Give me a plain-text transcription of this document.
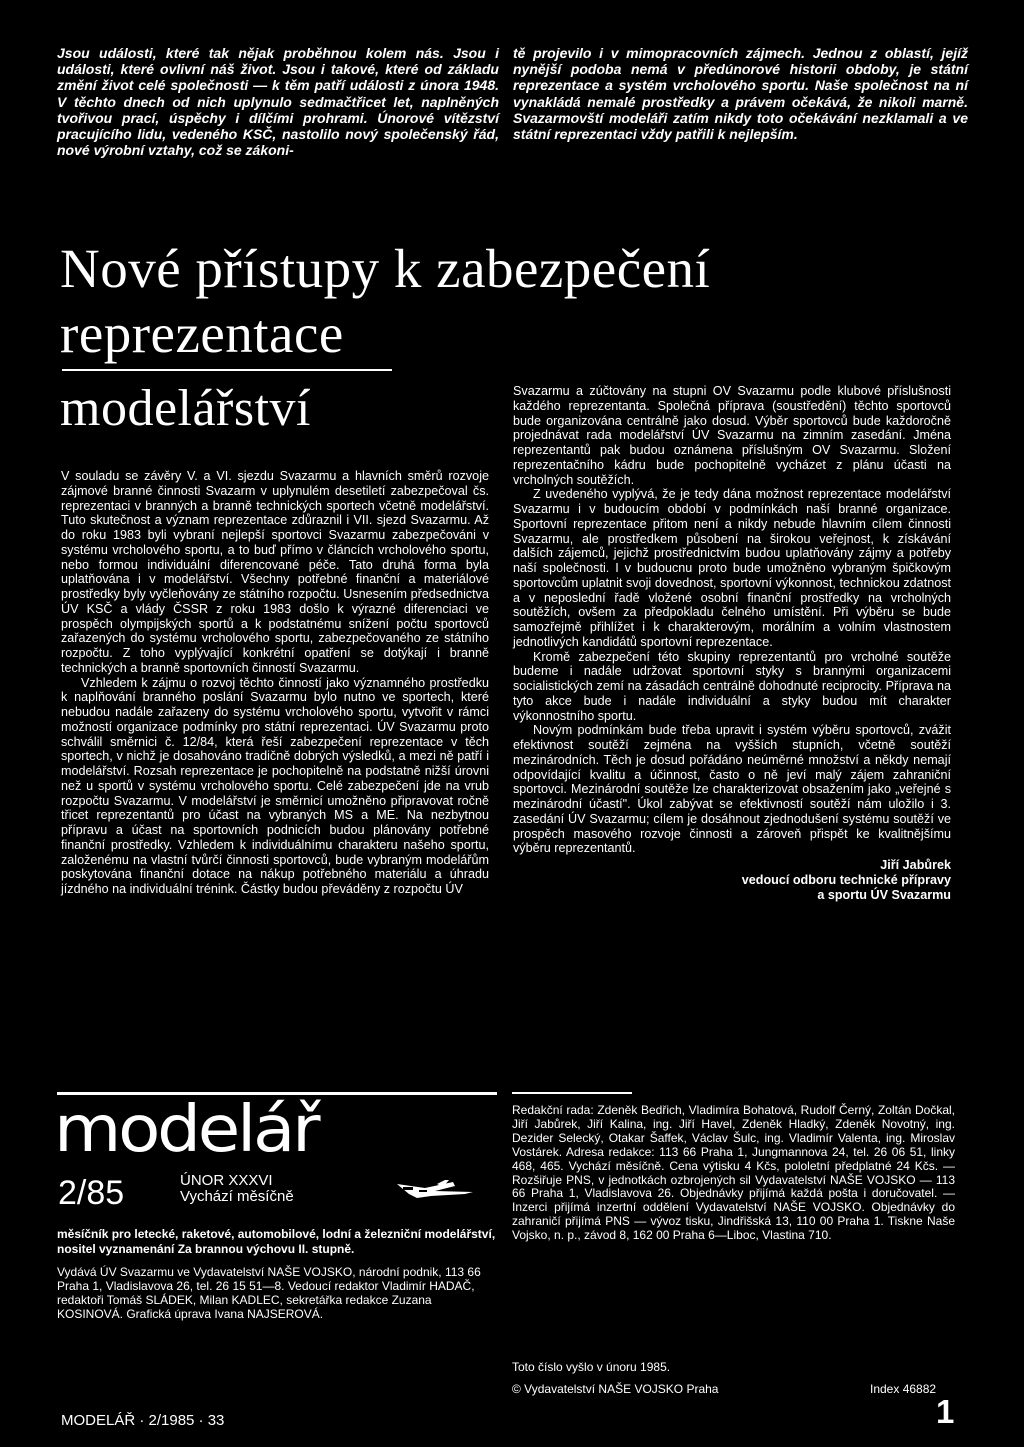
Jsou události, které tak nějak proběhnou kolem nás. Jsou i události, které ovlivní náš život. Jsou i takové, které od základu změní život celé společnosti — k těm patří události z února 1948. V těchto dnech od nich uplynulo sedmačtřicet let, naplněných tvořivou prací, úspěchy i dílčími prohrami. Únorové vítězství pracujícího lidu, vedeného KSČ, nastolilo nový společenský řád, nové výrobní vztahy, což se zákoni-

tě projevilo i v mimopracovních zájmech. Jednou z oblastí, jejíž nynější podoba nemá v předúnorové historii obdoby, je státní reprezentace a systém vrcholového sportu. Naše společnost na ní vynakládá nemalé prostředky a právem očekává, že nikoli marně. Svazarmovští modeláři zatím nikdy toto očekávání nezklamali a ve státní reprezentaci vždy patřili k nejlepším.

Nové přístupy k zabezpečení
reprezentace
modelářství

V souladu se závěry V. a VI. sjezdu Svazarmu a hlavních směrů rozvoje zájmové branné činnosti Svazarm v uplynulém desetiletí zabezpečoval čs. reprezentaci v branných a branně technických sportech včetně modelářství. Tuto skutečnost a význam reprezentace zdůraznil i VII. sjezd Svazarmu. Až do roku 1983 byli vybraní nejlepší sportovci Svazarmu zabezpečováni v systému vrcholového sportu, a to buď přímo v článcích vrcholového sportu, nebo formou individuální diferencované péče. Tato druhá forma byla uplatňována i v modelářství. Všechny potřebné finanční a materiálové prostředky byly vyčleňovány ze státního rozpočtu. Usnesením předsednictva ÚV KSČ a vlády ČSSR z roku 1983 došlo k výrazné diferenciaci ve prospěch olympijských sportů a k podstatnému snížení počtu sportovců zařazených do systému vrcholového sportu, zabezpečovaného ze státního rozpočtu. Z toho vyplývající konkrétní opatření se dotýkají i branně technických a branně sportovních činností Svazarmu.

Vzhledem k zájmu o rozvoj těchto činností jako významného prostředku k naplňování branného poslání Svazarmu bylo nutno ve sportech, které nebudou nadále zařazeny do systému vrcholového sportu, vytvořit v rámci možností organizace podmínky pro státní reprezentaci. ÚV Svazarmu proto schválil směrnici č. 12/84, která řeší zabezpečení reprezentace v těch sportech, v nichž je dosahováno tradičně dobrých výsledků, a mezi ně patří i modelářství. Rozsah reprezentace je pochopitelně na podstatně nižší úrovni než u sportů v systému vrcholového sportu. Celé zabezpečení jde na vrub rozpočtu Svazarmu. V modelářství je směrnicí umožněno připravovat ročně třicet reprezentantů pro účast na vybraných MS a ME. Na nezbytnou přípravu a účast na sportovních podnicích budou plánovány potřebné finanční prostředky. Vzhledem k individuálnímu charakteru našeho sportu, založenému na vlastní tvůrčí činnosti sportovců, bude vybraným modelářům poskytována finanční dotace na nákup potřebného materiálu a úhradu jízdného na individuální trénink. Částky budou převáděny z rozpočtu ÚV

Svazarmu a zúčtovány na stupni OV Svazarmu podle klubové příslušnosti každého reprezentanta. Společná příprava (soustředění) těchto sportovců bude organizována centrálně jako dosud. Výběr sportovců bude každoročně projednávat rada modelářství ÚV Svazarmu na zimním zasedání. Jména reprezentantů pak budou oznámena příslušným OV Svazarmu. Složení reprezentačního kádru bude pochopitelně vycházet z plánu účasti na vrcholných soutěžích.

Z uvedeného vyplývá, že je tedy dána možnost reprezentace modelářství Svazarmu i v budoucím období v podmínkách naší branné organizace. Sportovní reprezentace přitom není a nikdy nebude hlavním cílem činnosti Svazarmu, ale prostředkem působení na širokou veřejnost, k získávání dalších zájemců, jejichž prostřednictvím budou uplatňovány zájmy a potřeby naší společnosti. I v budoucnu proto bude umožněno vybraným špičkovým sportovcům uplatnit svoji dovednost, sportovní výkonnost, technickou zdatnost a v neposlední řadě vložené osobní finanční prostředky na vrcholných soutěžích, ovšem za předpokladu čelného umístění. Při výběru se bude samozřejmě přihlížet i k charakterovým, morálním a volním vlastnostem jednotlivých kandidátů sportovní reprezentace.

Kromě zabezpečení této skupiny reprezentantů pro vrcholné soutěže budeme i nadále udržovat sportovní styky s brannými organizacemi socialistických zemí na zásadách centrálně dohodnuté reciprocity. Příprava na tyto akce bude i nadále individuální a styky budou mít charakter výkonnostního sportu.

Novým podmínkám bude třeba upravit i systém výběru sportovců, zvážit efektivnost soutěží zejména na vyšších stupních, včetně soutěží mezinárodních. Těch je dosud pořádáno neúměrné množství a někdy nemají odpovídající kvalitu a účinnost, často o ně jeví malý zájem zahraniční sportovci. Mezinárodní soutěže lze charakterizovat obsažením jako „veřejné s mezinárodní účastí". Úkol zabývat se efektivností soutěží nám uložilo i 3. zasedání ÚV Svazarmu; cílem je dosáhnout zjednodušení systému soutěží ve prospěch masového rozvoje činnosti a zároveň přispět ke kvalitnějšímu výběru reprezentantů.

Jiří Jabůrek
vedoucí odboru technické přípravy
a sportu ÚV Svazarmu
modelář
2/85	ÚNOR XXXVI
Vychází měsíčně
měsíčník pro letecké, raketové, automobilové, lodní a železniční modelářství, nositel vyznamenání Za brannou výchovu II. stupně.
Vydává ÚV Svazarmu ve Vydavatelství NAŠE VOJSKO, národní podnik, 113 66 Praha 1, Vladislavova 26, tel. 26 15 51—8. Vedoucí redaktor Vladimír HADAČ, redaktoři Tomáš SLÁDEK, Milan KADLEC, sekretářka redakce Zuzana KOSINOVÁ. Grafická úprava Ivana NAJSEROVÁ.
Redakční rada: Zdeněk Bedřich, Vladimíra Bohatová, Rudolf Černý, Zoltán Dočkal, Jiří Jabůrek, Jiří Kalina, ing. Jiří Havel, Zdeněk Hladký, Zdeněk Novotný, ing. Dezider Selecký, Otakar Šaffek, Václav Šulc, ing. Vladimír Valenta, ing. Miroslav Vostárek. Adresa redakce: 113 66 Praha 1, Jungmannova 24, tel. 26 06 51, linky 468, 465. Vychází měsíčně. Cena výtisku 4 Kčs, pololetní předplatné 24 Kčs. — Rozšiřuje PNS, v jednotkách ozbrojených sil Vydavatelství NAŠE VOJSKO — 113 66 Praha 1, Vladislavova 26. Objednávky přijímá každá pošta i doručovatel. — Inzerci přijímá inzertní oddělení Vydavatelství NAŠE VOJSKO. Objednávky do zahraničí přijímá PNS — vývoz tisku, Jindřišská 13, 110 00 Praha 1. Tiskne Naše Vojsko, n. p., závod 8, 162 00 Praha 6—Liboc, Vlastina 710.
Toto číslo vyšlo v únoru 1985.
© Vydavatelství NAŠE VOJSKO Praha	Index 46882
MODELÁŘ · 2/1985 · 33	1
